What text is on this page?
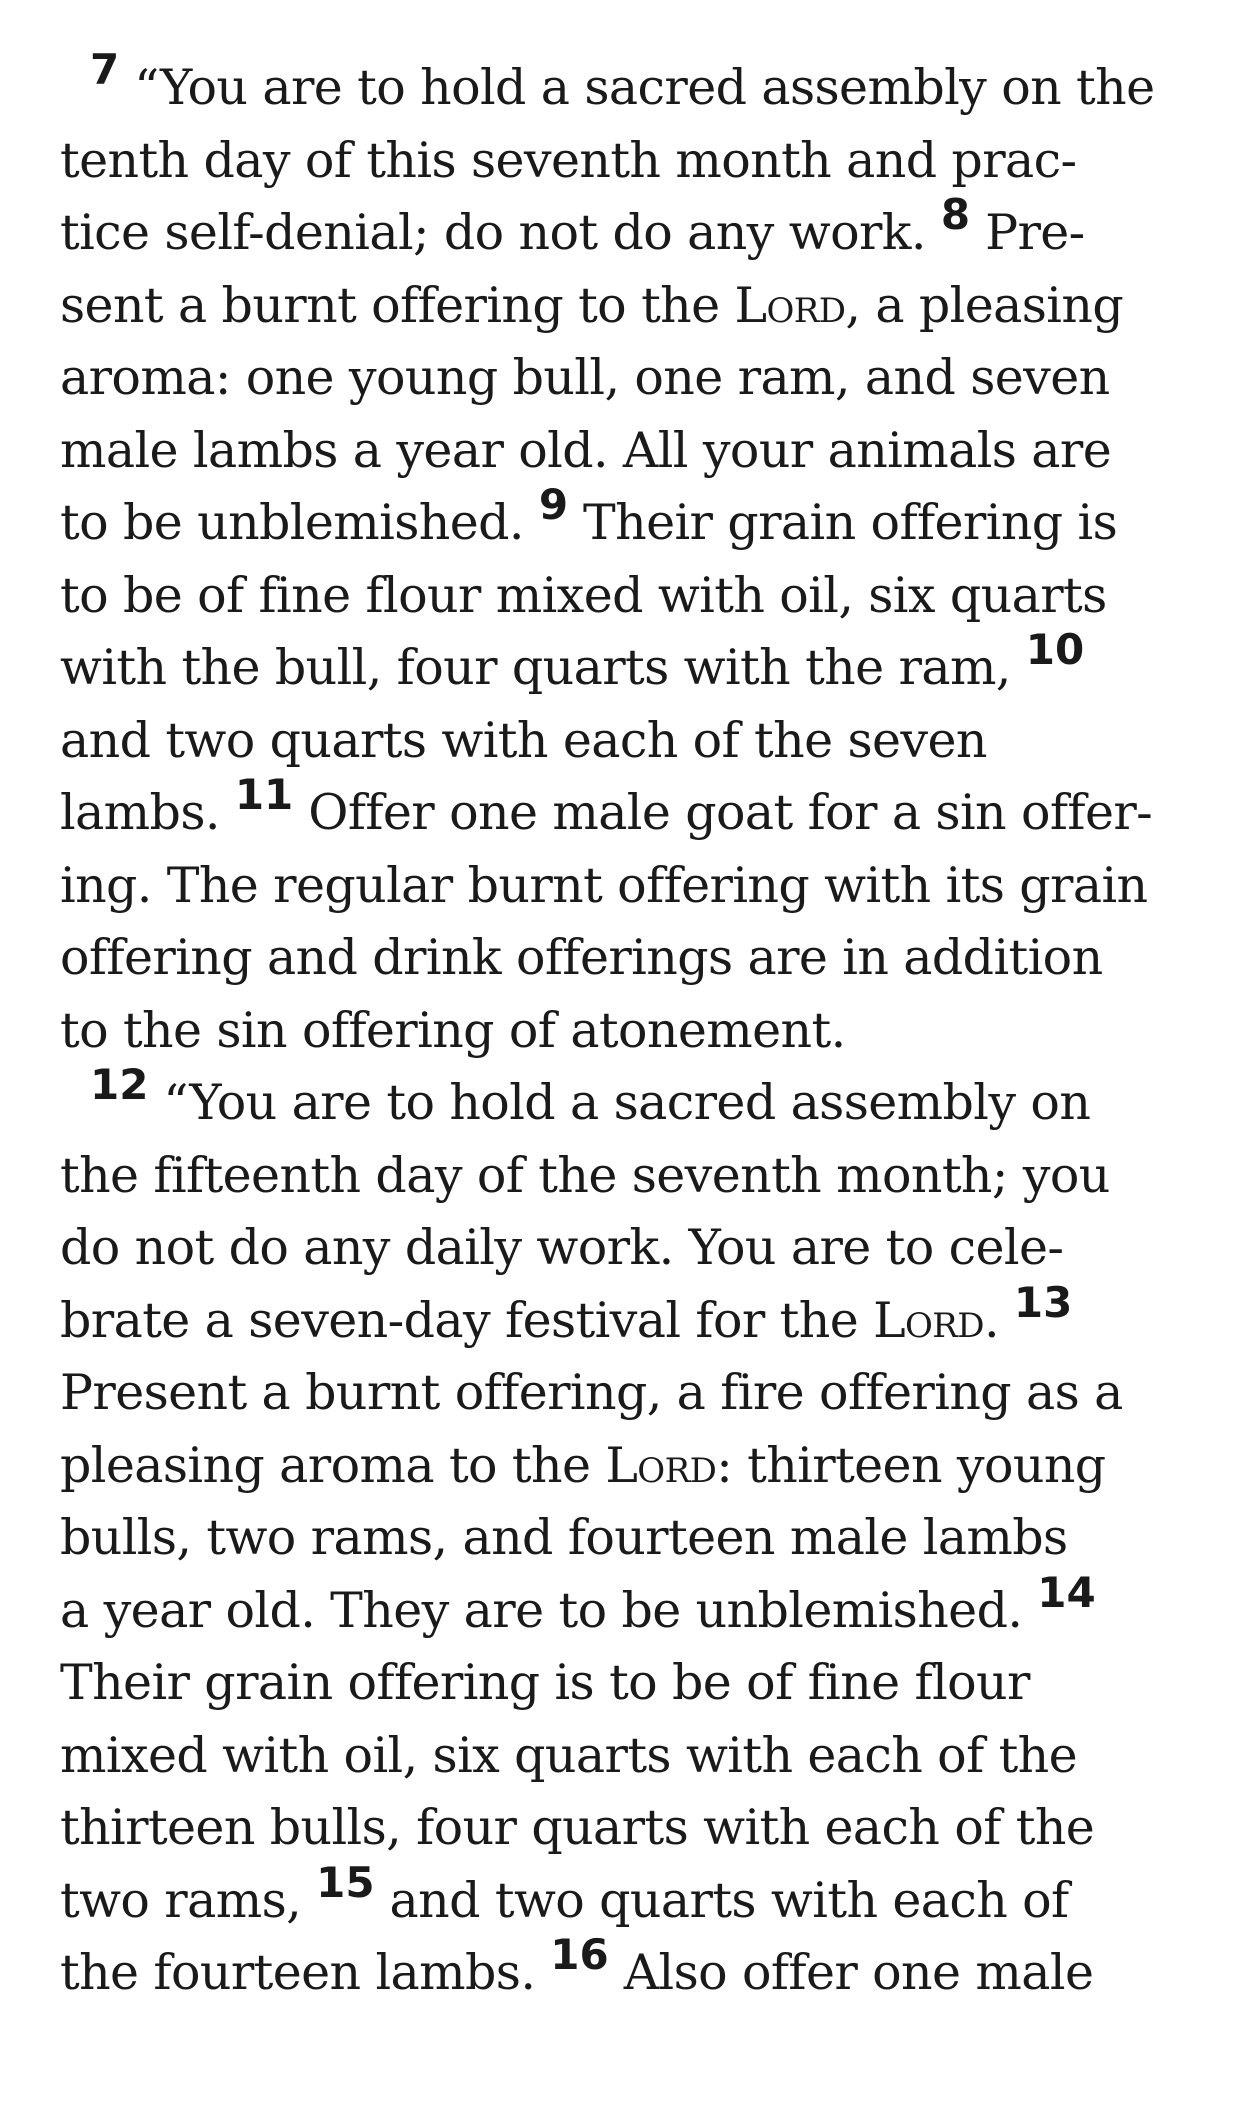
7 “You are to hold a sacred assembly on the
tenth day of this seventh month and prac-
tice self-denial; do not do any work. 8 Pre-
sent a burnt offering to the Lord, a pleasing
aroma: one young bull, one ram, and seven
male lambs a year old. All your animals are
to be unblemished. 9 Their grain offering is
to be of fine flour mixed with oil, six quarts
with the bull, four quarts with the ram, 10
and two quarts with each of the seven
lambs. 11 Offer one male goat for a sin offer-
ing. The regular burnt offering with its grain
offering and drink offerings are in addition
to the sin offering of atonement.
12 “You are to hold a sacred assembly on
the fifteenth day of the seventh month; you
do not do any daily work. You are to cele-
brate a seven-day festival for the Lord. 13
Present a burnt offering, a fire offering as a
pleasing aroma to the Lord: thirteen young
bulls, two rams, and fourteen male lambs
a year old. They are to be unblemished. 14
Their grain offering is to be of fine flour
mixed with oil, six quarts with each of the
thirteen bulls, four quarts with each of the
two rams, 15 and two quarts with each of
the fourteen lambs. 16 Also offer one male
